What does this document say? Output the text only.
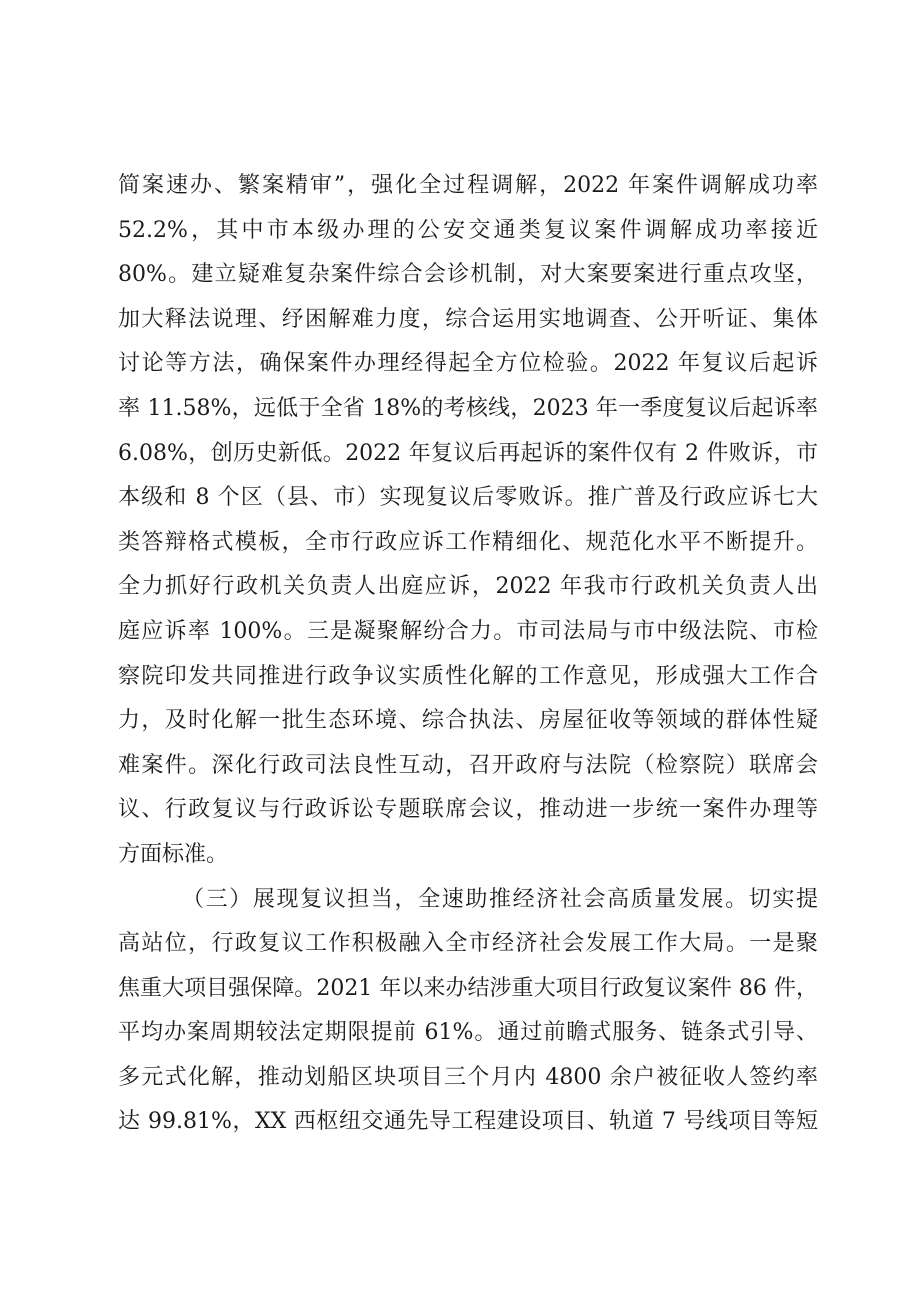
简案速办、繁案精审”，强化全过程调解，2022 年案件调解成功率
52.2%，其中市本级办理的公安交通类复议案件调解成功率接近
80%。建立疑难复杂案件综合会诊机制，对大案要案进行重点攻坚，
加大释法说理、纾困解难力度，综合运用实地调查、公开听证、集体
讨论等方法，确保案件办理经得起全方位检验。2022 年复议后起诉
率 11.58%，远低于全省 18%的考核线，2023 年一季度复议后起诉率
6.08%，创历史新低。2022 年复议后再起诉的案件仅有 2 件败诉，市
本级和 8 个区（县、市）实现复议后零败诉。推广普及行政应诉七大
类答辩格式模板，全市行政应诉工作精细化、规范化水平不断提升。
全力抓好行政机关负责人出庭应诉，2022 年我市行政机关负责人出
庭应诉率 100%。三是凝聚解纷合力。市司法局与市中级法院、市检
察院印发共同推进行政争议实质性化解的工作意见，形成强大工作合
力，及时化解一批生态环境、综合执法、房屋征收等领域的群体性疑
难案件。深化行政司法良性互动，召开政府与法院（检察院）联席会
议、行政复议与行政诉讼专题联席会议，推动进一步统一案件办理等
方面标准。
（三）展现复议担当，全速助推经济社会高质量发展。切实提
高站位，行政复议工作积极融入全市经济社会发展工作大局。一是聚
焦重大项目强保障。2021 年以来办结涉重大项目行政复议案件 86 件，
平均办案周期较法定期限提前 61%。通过前瞻式服务、链条式引导、
多元式化解，推动划船区块项目三个月内 4800 余户被征收人签约率
达 99.81%，XX 西枢纽交通先导工程建设项目、轨道 7 号线项目等短
